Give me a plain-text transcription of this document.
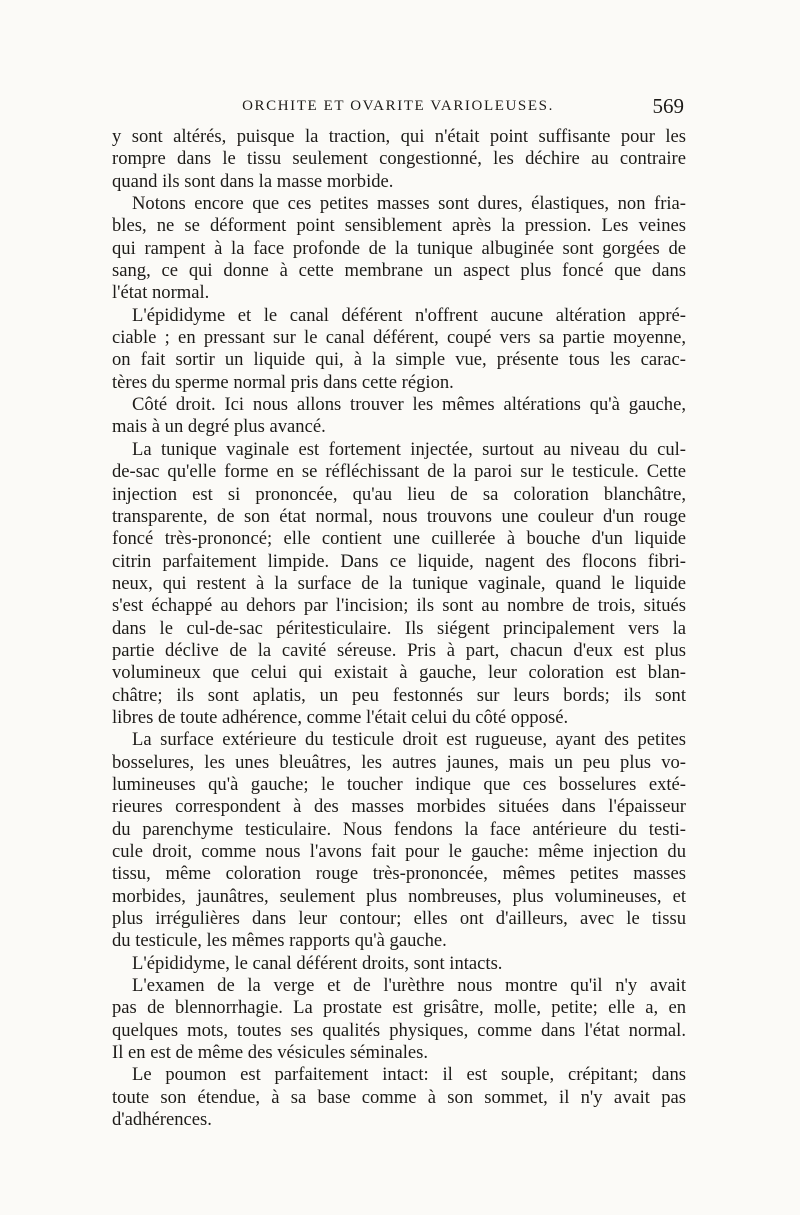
ORCHITE ET OVARITE VARIOLEUSES.	569
y sont altérés, puisque la traction, qui n'était point suffisante pour les
rompre dans le tissu seulement congestionné, les déchire au contraire
quand ils sont dans la masse morbide.
Notons encore que ces petites masses sont dures, élastiques, non fria-
bles, ne se déforment point sensiblement après la pression. Les veines
qui rampent à la face profonde de la tunique albuginée sont gorgées de
sang, ce qui donne à cette membrane un aspect plus foncé que dans
l'état normal.
L'épididyme et le canal déférent n'offrent aucune altération appré-
ciable ; en pressant sur le canal déférent, coupé vers sa partie moyenne,
on fait sortir un liquide qui, à la simple vue, présente tous les carac-
tères du sperme normal pris dans cette région.
Côté droit. Ici nous allons trouver les mêmes altérations qu'à gauche,
mais à un degré plus avancé.
La tunique vaginale est fortement injectée, surtout au niveau du cul-
de-sac qu'elle forme en se réfléchissant de la paroi sur le testicule. Cette
injection est si prononcée, qu'au lieu de sa coloration blanchâtre,
transparente, de son état normal, nous trouvons une couleur d'un rouge
foncé très-prononcé; elle contient une cuillerée à bouche d'un liquide
citrin parfaitement limpide. Dans ce liquide, nagent des flocons fibri-
neux, qui restent à la surface de la tunique vaginale, quand le liquide
s'est échappé au dehors par l'incision; ils sont au nombre de trois, situés
dans le cul-de-sac péritesticulaire. Ils siégent principalement vers la
partie déclive de la cavité séreuse. Pris à part, chacun d'eux est plus
volumineux que celui qui existait à gauche, leur coloration est blan-
châtre; ils sont aplatis, un peu festonnés sur leurs bords; ils sont
libres de toute adhérence, comme l'était celui du côté opposé.
La surface extérieure du testicule droit est rugueuse, ayant des petites
bosselures, les unes bleuâtres, les autres jaunes, mais un peu plus vo-
lumineuses qu'à gauche; le toucher indique que ces bosselures exté-
rieures correspondent à des masses morbides situées dans l'épaisseur
du parenchyme testiculaire. Nous fendons la face antérieure du testi-
cule droit, comme nous l'avons fait pour le gauche: même injection du
tissu, même coloration rouge très-prononcée, mêmes petites masses
morbides, jaunâtres, seulement plus nombreuses, plus volumineuses, et
plus irrégulières dans leur contour; elles ont d'ailleurs, avec le tissu
du testicule, les mêmes rapports qu'à gauche.
L'épididyme, le canal déférent droits, sont intacts.
L'examen de la verge et de l'urèthre nous montre qu'il n'y avait
pas de blennorrhagie. La prostate est grisâtre, molle, petite; elle a, en
quelques mots, toutes ses qualités physiques, comme dans l'état normal.
Il en est de même des vésicules séminales.
Le poumon est parfaitement intact: il est souple, crépitant; dans
toute son étendue, à sa base comme à son sommet, il n'y avait pas
d'adhérences.
